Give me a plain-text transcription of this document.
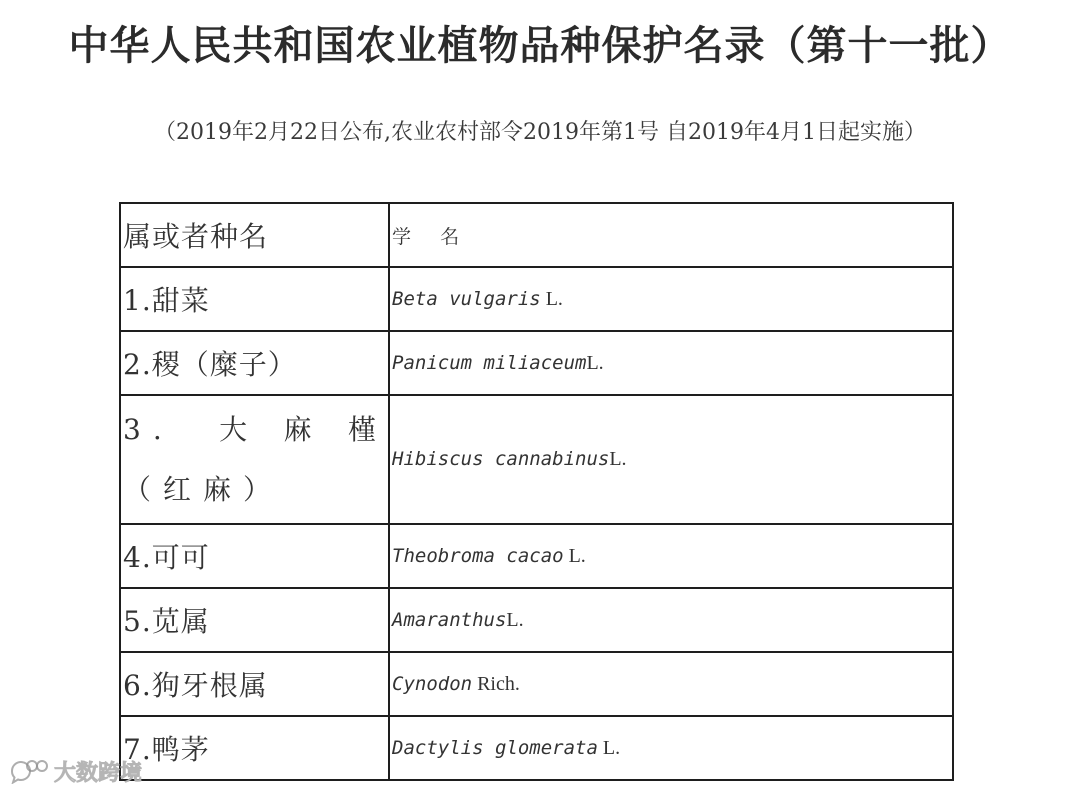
中华人民共和国农业植物品种保护名录（第十一批）
（2019年2月22日公布,农业农村部令2019年第1号 自2019年4月1日起实施）
属或者种名	学    名
1.甜菜	Beta vulgaris L.
2.稷（糜子）	Panicum miliaceumL.
3. 大麻槿（红麻）	Hibiscus cannabinusL.
4.可可	Theobroma cacao L.
5.苋属	AmaranthusL.
6.狗牙根属	Cynodon Rich.
7.鸭茅	Dactylis glomerata L.
大数跨境
